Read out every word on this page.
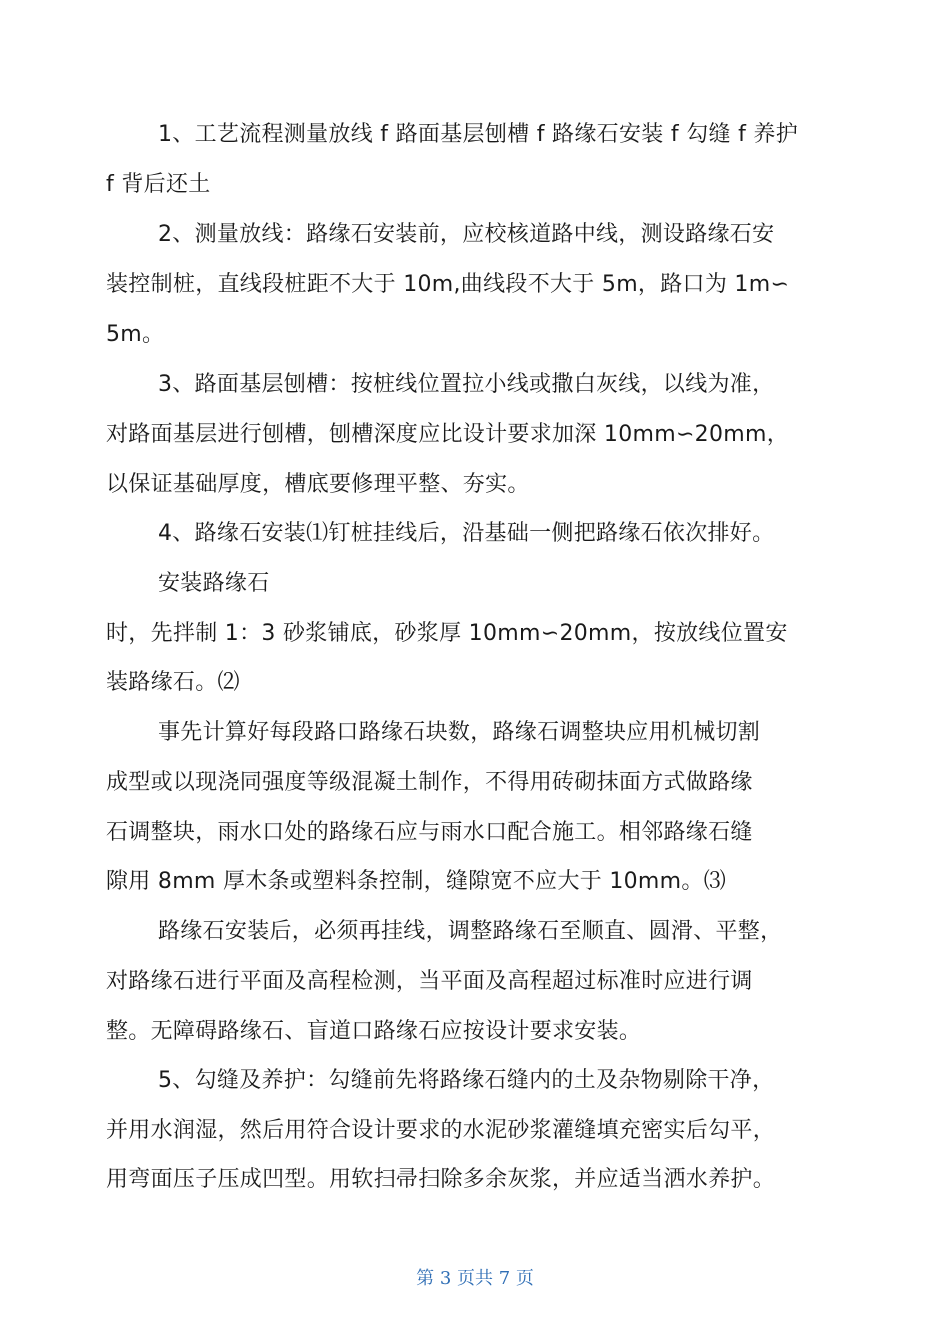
1、工艺流程测量放线 f 路面基层刨槽 f 路缘石安装 f 勾缝 f 养护
f 背后还土
2、测量放线：路缘石安装前，应校核道路中线，测设路缘石安
装控制桩，直线段桩距不大于 10m,曲线段不大于 5m，路口为 1m∽
5m。
3、路面基层刨槽：按桩线位置拉小线或撒白灰线，以线为准，
对路面基层进行刨槽，刨槽深度应比设计要求加深 10mm∽20mm，
以保证基础厚度，槽底要修理平整、夯实。
4、路缘石安装⑴钉桩挂线后，沿基础一侧把路缘石依次排好。
安装路缘石
时，先拌制 1：3 砂浆铺底，砂浆厚 10mm∽20mm，按放线位置安
装路缘石。⑵
事先计算好每段路口路缘石块数，路缘石调整块应用机械切割
成型或以现浇同强度等级混凝土制作，不得用砖砌抹面方式做路缘
石调整块，雨水口处的路缘石应与雨水口配合施工。相邻路缘石缝
隙用 8mm 厚木条或塑料条控制，缝隙宽不应大于 10mm。⑶
路缘石安装后，必须再挂线，调整路缘石至顺直、圆滑、平整，
对路缘石进行平面及高程检测，当平面及高程超过标准时应进行调
整。无障碍路缘石、盲道口路缘石应按设计要求安装。
5、勾缝及养护：勾缝前先将路缘石缝内的土及杂物剔除干净，
并用水润湿，然后用符合设计要求的水泥砂浆灌缝填充密实后勾平，
用弯面压子压成凹型。用软扫帚扫除多余灰浆，并应适当洒水养护。
第 3 页共 7 页
